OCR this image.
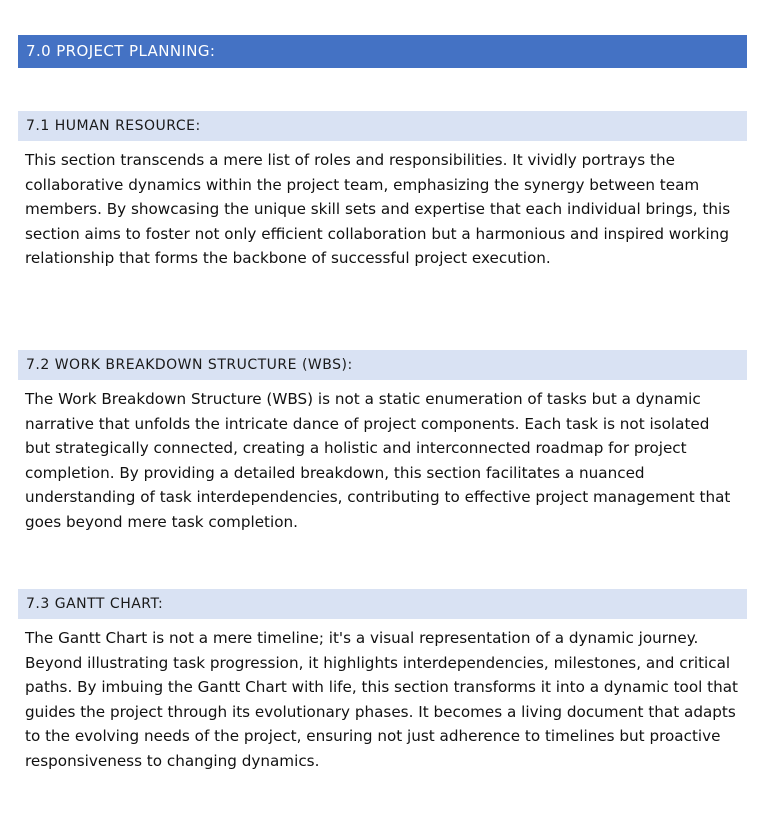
7.0 PROJECT PLANNING:
7.1 HUMAN RESOURCE:

This section transcends a mere list of roles and responsibilities. It vividly portrays the collaborative dynamics within the project team, emphasizing the synergy between team members. By showcasing the unique skill sets and expertise that each individual brings, this section aims to foster not only efficient collaboration but a harmonious and inspired working relationship that forms the backbone of successful project execution.

7.2 WORK BREAKDOWN STRUCTURE (WBS):

The Work Breakdown Structure (WBS) is not a static enumeration of tasks but a dynamic narrative that unfolds the intricate dance of project components. Each task is not isolated but strategically connected, creating a holistic and interconnected roadmap for project completion. By providing a detailed breakdown, this section facilitates a nuanced understanding of task interdependencies, contributing to effective project management that goes beyond mere task completion.

7.3 GANTT CHART:

The Gantt Chart is not a mere timeline; it's a visual representation of a dynamic journey. Beyond illustrating task progression, it highlights interdependencies, milestones, and critical paths. By imbuing the Gantt Chart with life, this section transforms it into a dynamic tool that guides the project through its evolutionary phases. It becomes a living document that adapts to the evolving needs of the project, ensuring not just adherence to timelines but proactive responsiveness to changing dynamics.
